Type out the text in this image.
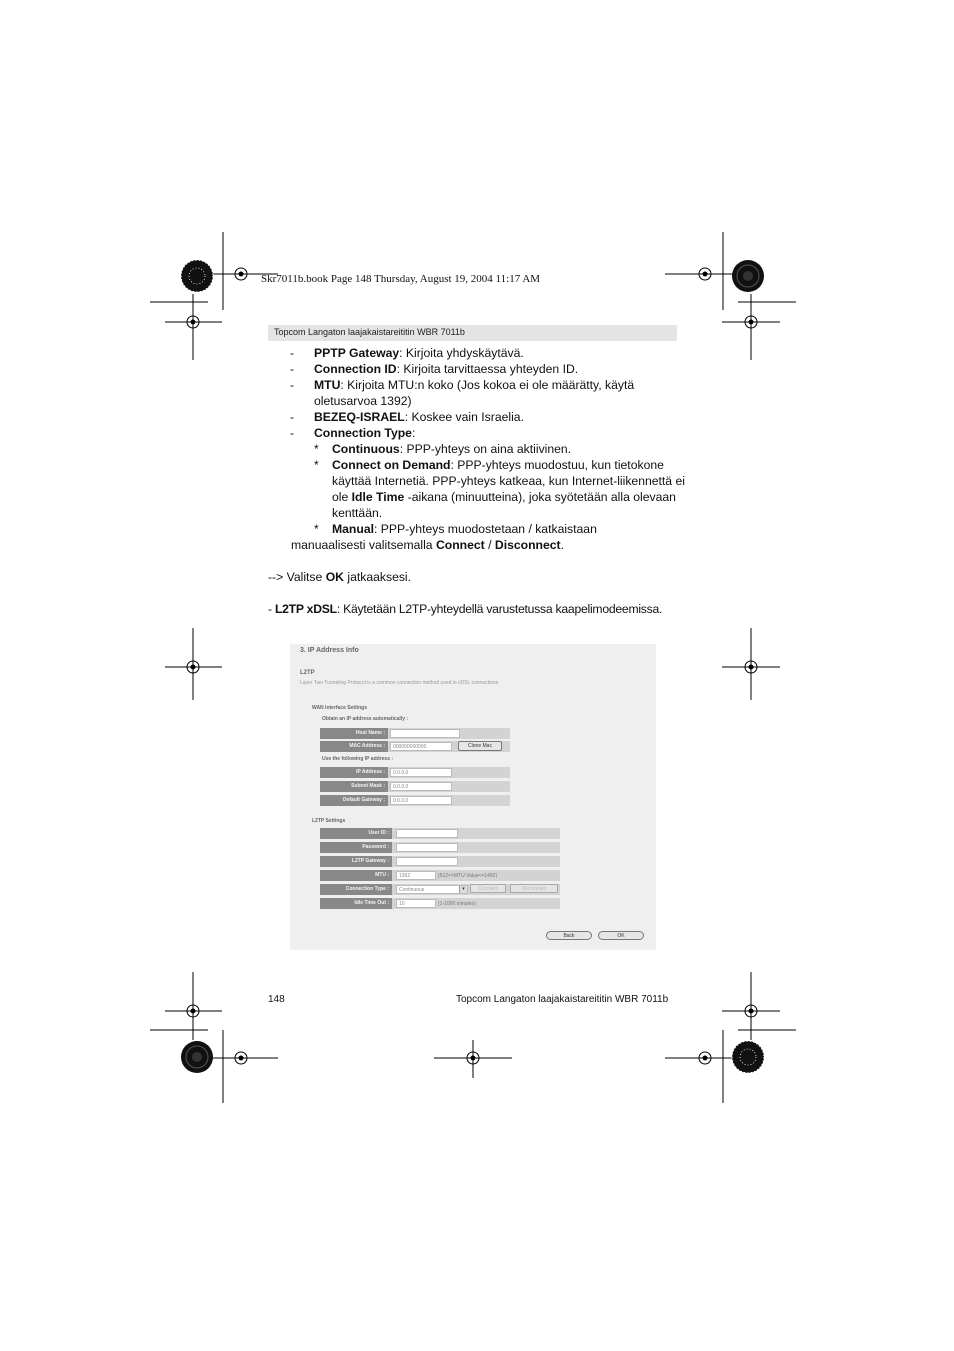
Skr7011b.book Page 148 Thursday, August 19, 2004 11:17 AM
Topcom Langaton laajakaistareititin WBR 7011b

- PPTP Gateway: Kirjoita yhdyskäytävä.

- Connection ID: Kirjoita tarvittaessa yhteyden ID.

- MTU: Kirjoita MTU:n koko (Jos kokoa ei ole määrätty, käytä oletusarvoa 1392)

- BEZEQ-ISRAEL: Koskee vain Israelia.

- Connection Type:

* Continuous: PPP-yhteys on aina aktiivinen.

* Connect on Demand: PPP-yhteys muodostuu, kun tietokone käyttää Internetiä. PPP-yhteys katkeaa, kun Internet-liikennettä ei ole Idle Time -aikana (minuutteina), joka syötetään alla olevaan kenttään.

* Manual: PPP-yhteys muodostetaan / katkaistaan

manuaalisesti valitsemalla Connect / Disconnect.

--> Valitse OK jatkaaksesi.

- L2TP xDSL: Käytetään L2TP-yhteydellä varustetussa kaapelimodeemissa.

3. IP Address Info
L2TP
Layer Two Tunneling Protocol is a common connection method used in xDSL connections
WAN Interface Settings
Obtain an IP address automatically :
Host Name :
MAC Address :	000000000000	Clone Mac
Use the following IP address :
IP Address :	0.0.0.0
Subnet Mask :	0.0.0.0
Default Gateway :	0.0.0.0
L2TP Settings
User ID :
Password :
L2TP Gateway :
MTU :	1392	(512<=MTU Value<=1492)
Connection Type :	Continuous	▾	Connect	Disconnect
Idle Time Out :	10	(1-1000 minutes)
Back	OK
148	Topcom Langaton laajakaistareititin WBR 7011b
